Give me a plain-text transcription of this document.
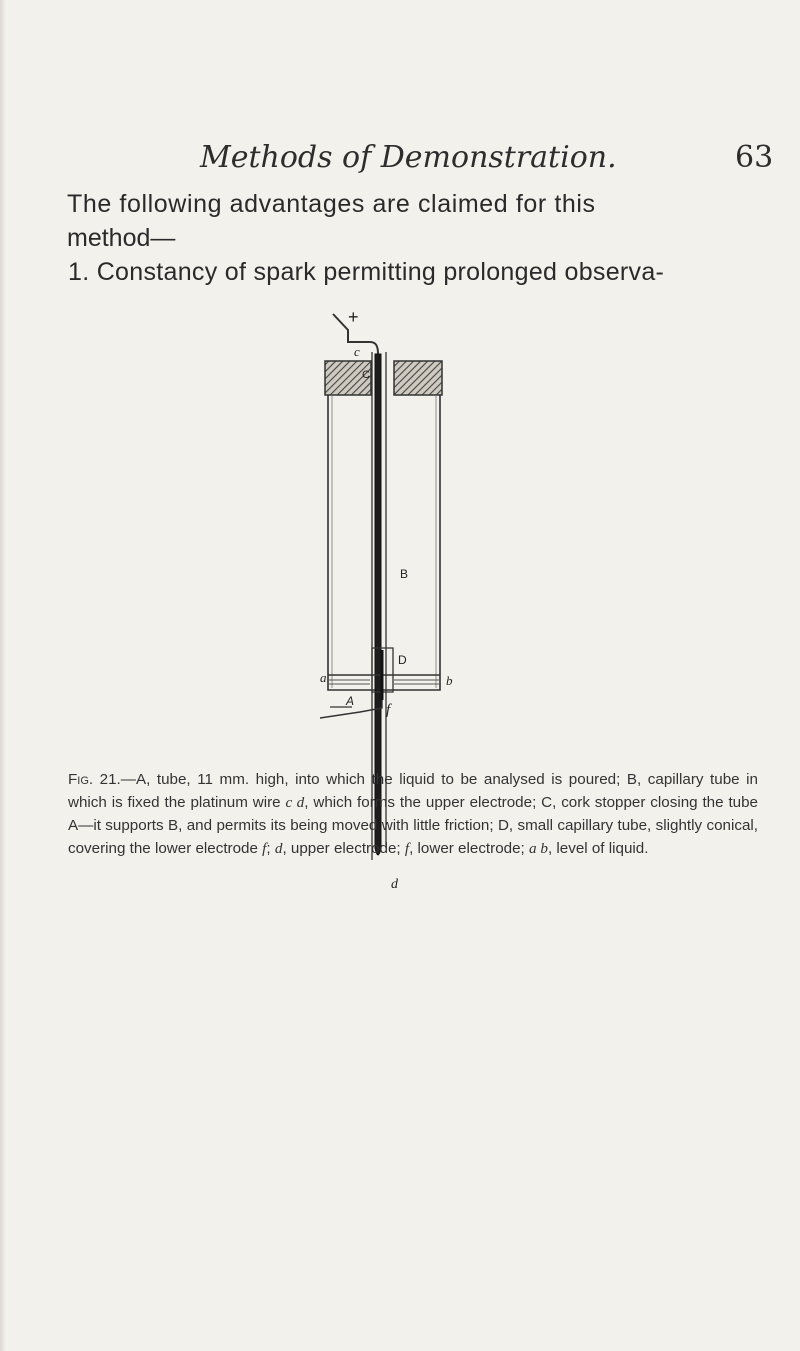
Methods of Demonstration.	63
The following advantages are claimed for this
method—
1. Constancy of spark permitting prolonged observa-
+
c
C
B
A
d
D
a	b
f

Fig. 21.—A, tube, 11 mm. high, into which the liquid to be analysed is poured; B, capillary tube in which is fixed the platinum wire c d, which forms the upper electrode; C, cork stopper closing the tube A—it supports B, and permits its being moved with little friction; D, small capillary tube, slightly conical, covering the lower electrode f; d, upper electrode; f, lower electrode; a b, level of liquid.
